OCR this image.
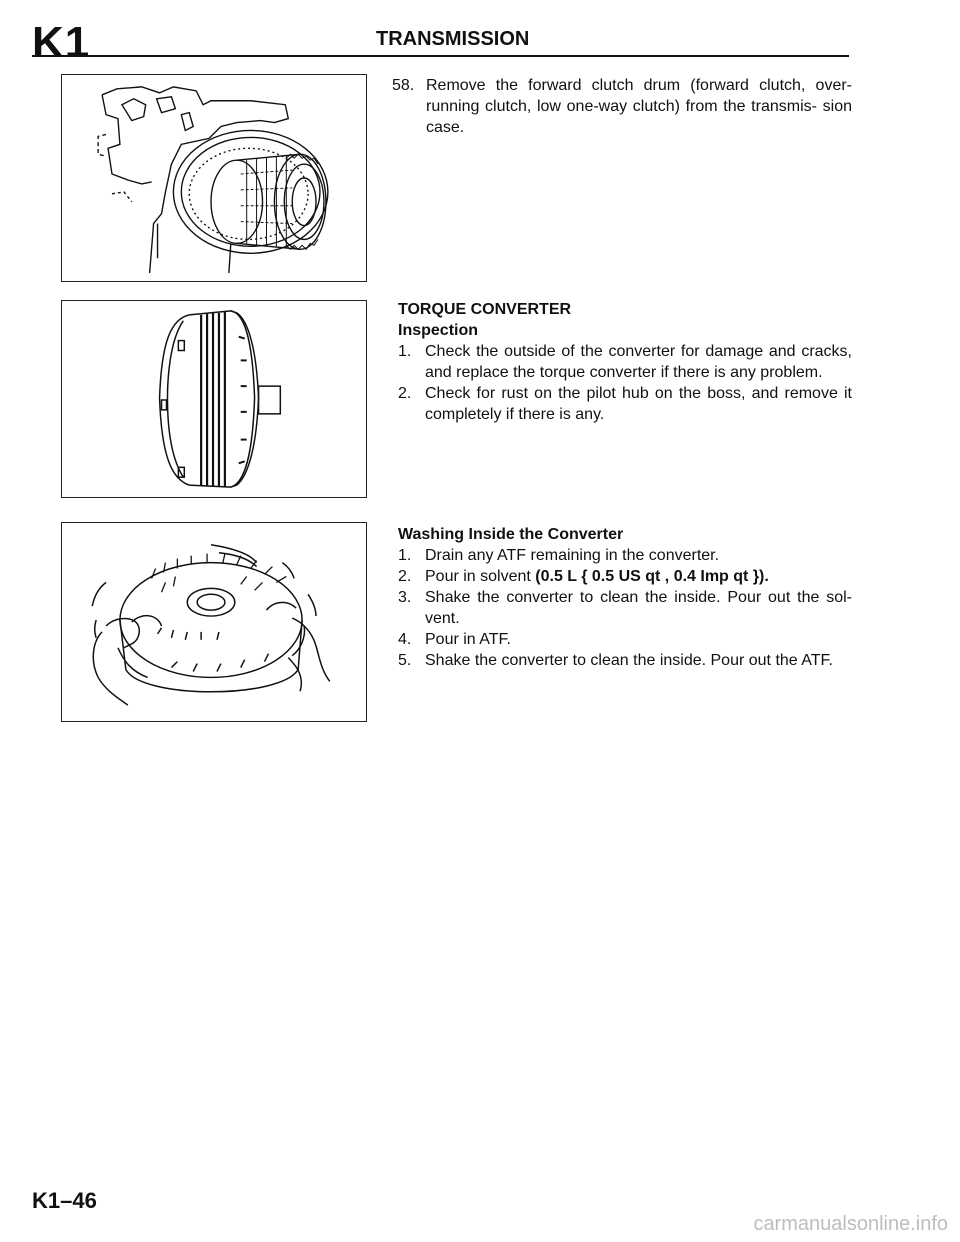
K1	TRANSMISSION
58. Remove the forward clutch drum (forward clutch, over- running clutch, low one-way clutch) from the transmis- sion case.
TORQUE CONVERTER
Inspection
1. Check the outside of the converter for damage and cracks, and replace the torque converter if there is any problem.
2. Check for rust on the pilot hub on the boss, and remove it completely if there is any.
Washing Inside the Converter
1. Drain any ATF remaining in the converter.
2. Pour in solvent (0.5 L { 0.5 US qt , 0.4 Imp qt }).
3. Shake the converter to clean the inside. Pour out the sol- vent.
4. Pour in ATF.
5. Shake the converter to clean the inside. Pour out the ATF.
K1–46
carmanualsonline.info
